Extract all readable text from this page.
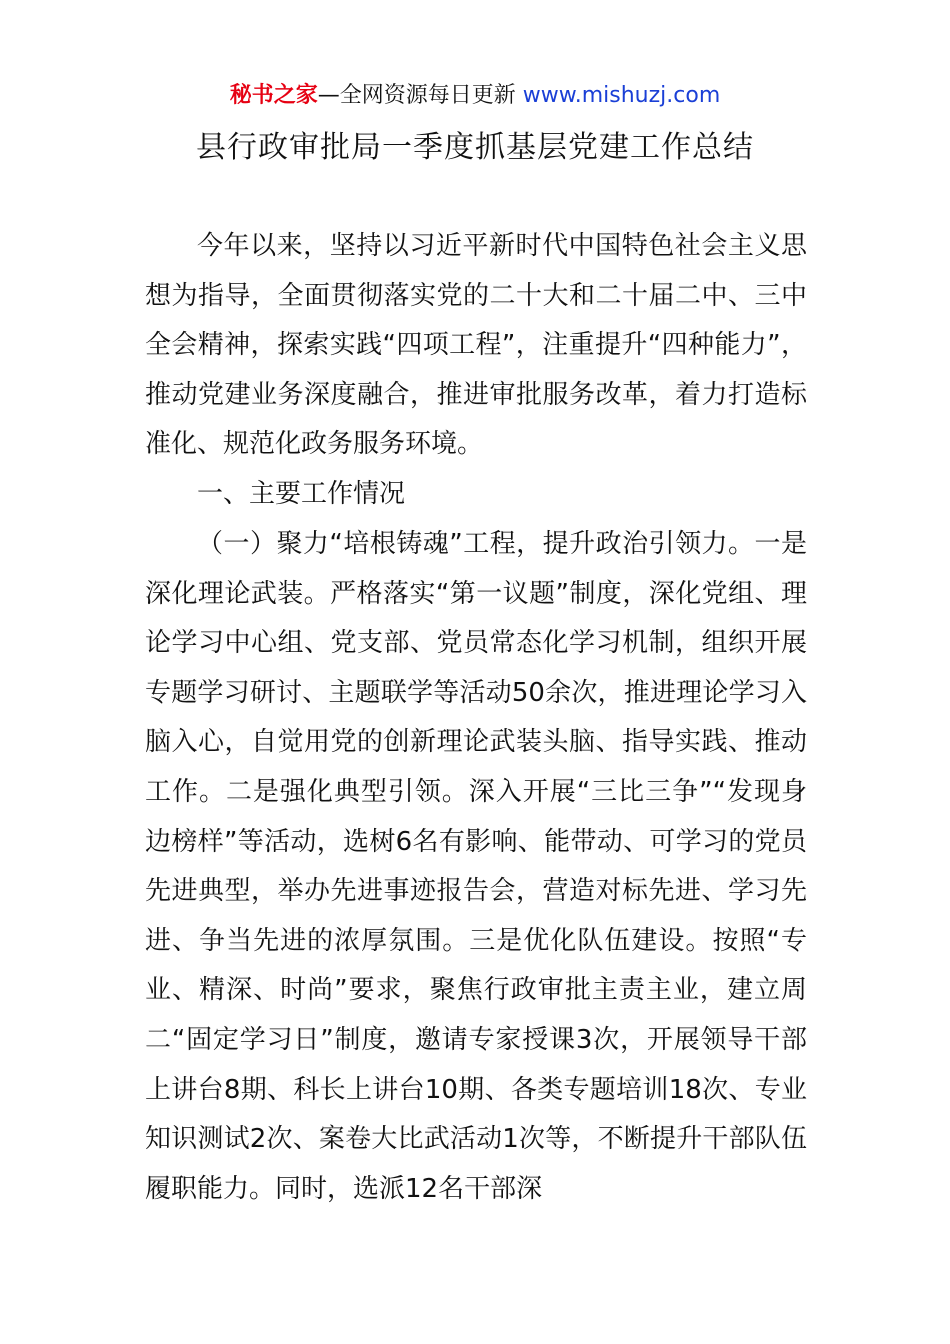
秘书之家—全网资源每日更新 www.mishuzj.com
县行政审批局一季度抓基层党建工作总结

今年以来，坚持以习近平新时代中国特色社会主义思想为指导，全面贯彻落实党的二十大和二十届二中、三中全会精神，探索实践“四项工程”，注重提升“四种能力”，推动党建业务深度融合，推进审批服务改革，着力打造标准化、规范化政务服务环境。

一、主要工作情况

（一）聚力“培根铸魂”工程，提升政治引领力。一是深化理论武装。严格落实“第一议题”制度，深化党组、理论学习中心组、党支部、党员常态化学习机制，组织开展专题学习研讨、主题联学等活动50余次，推进理论学习入脑入心，自觉用党的创新理论武装头脑、指导实践、推动工作。二是强化典型引领。深入开展“三比三争”“发现身边榜样”等活动，选树6名有影响、能带动、可学习的党员先进典型，举办先进事迹报告会，营造对标先进、学习先进、争当先进的浓厚氛围。三是优化队伍建设。按照“专业、精深、时尚”要求，聚焦行政审批主责主业，建立周二“固定学习日”制度，邀请专家授课3次，开展领导干部上讲台8期、科长上讲台10期、各类专题培训18次、专业知识测试2次、案卷大比武活动1次等，不断提升干部队伍履职能力。同时，选派12名干部深
